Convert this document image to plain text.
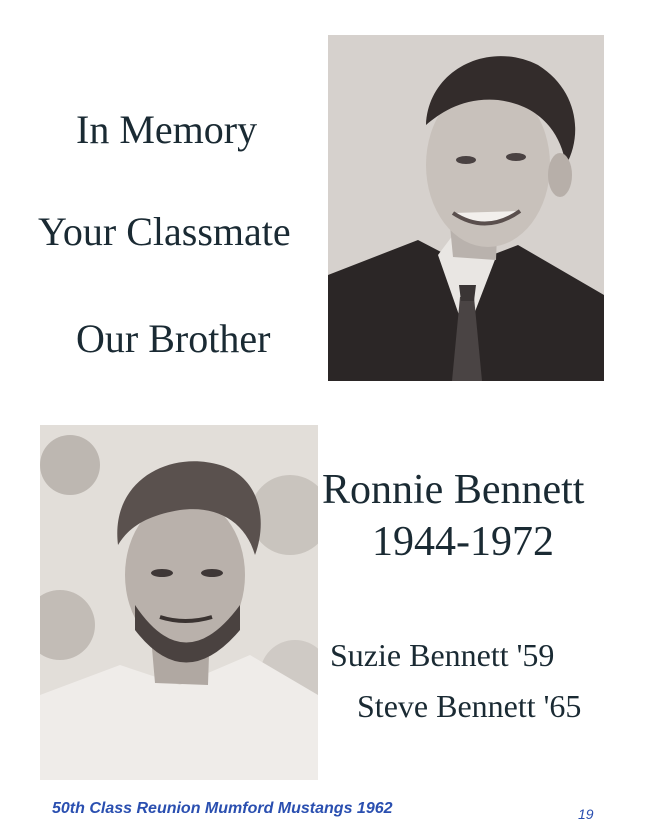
In Memory
Your Classmate
Our Brother
Ronnie Bennett
1944-1972
Suzie Bennett '59
Steve Bennett '65
50th Class Reunion Mumford Mustangs 1962	19
